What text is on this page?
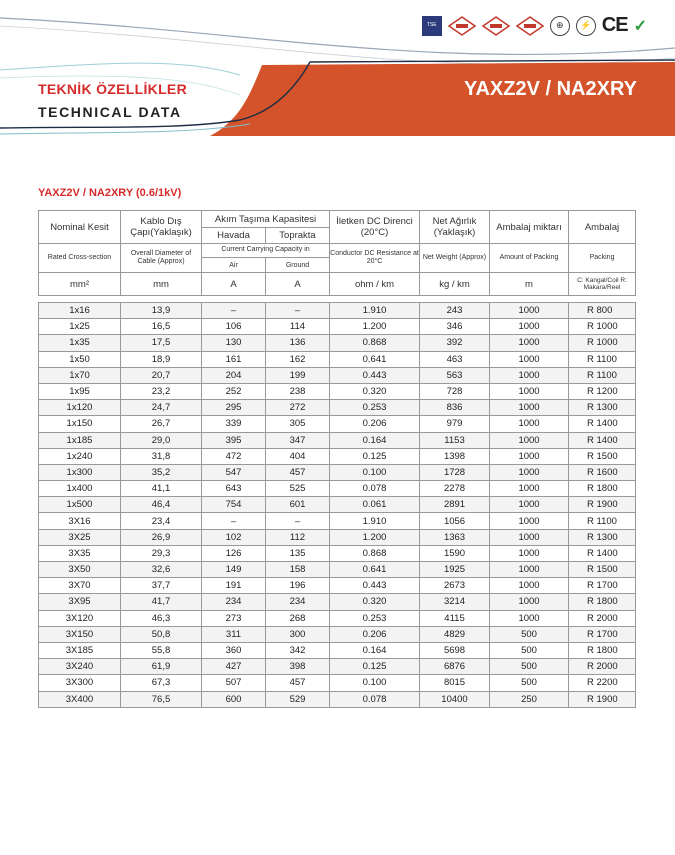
TSE	⊕	⚡ CE ✓
TEKNİK ÖZELLİKLER
TECHNICAL DATA
YAXZ2V / NA2XRY
YAXZ2V / NA2XRY (0.6/1kV)
Nominal Kesit	Kablo Dış Çapı(Yaklaşık)	Akım Taşıma Kapasitesi		İletken DC Direnci (20°C)	Net Ağırlık (Yaklaşık)	Ambalaj miktarı	Ambalaj
		Havada	Toprakta				
Rated Cross-section	Overall Diameter of Cable (Approx)	Current Carrying Capacity in		Conductor DC Resistance at 20°C	Net Weight (Approx)	Amount of Packing	Packing
		Air	Ground				
mm²	mm	A	A	ohm / km	kg / km	m	C: Kangal/Coil R: Makara/Reel

1x16	13,9	–	–	1.910	243	1000	R 800
1x25	16,5	106	114	1.200	346	1000	R 1000
1x35	17,5	130	136	0.868	392	1000	R 1000
1x50	18,9	161	162	0.641	463	1000	R 1100
1x70	20,7	204	199	0.443	563	1000	R 1100
1x95	23,2	252	238	0.320	728	1000	R 1200
1x120	24,7	295	272	0.253	836	1000	R 1300
1x150	26,7	339	305	0.206	979	1000	R 1400
1x185	29,0	395	347	0.164	1153	1000	R 1400
1x240	31,8	472	404	0.125	1398	1000	R 1500
1x300	35,2	547	457	0.100	1728	1000	R 1600
1x400	41,1	643	525	0.078	2278	1000	R 1800
1x500	46,4	754	601	0.061	2891	1000	R 1900
3X16	23,4	–	–	1.910	1056	1000	R 1100
3X25	26,9	102	112	1.200	1363	1000	R 1300
3X35	29,3	126	135	0.868	1590	1000	R 1400
3X50	32,6	149	158	0.641	1925	1000	R 1500
3X70	37,7	191	196	0.443	2673	1000	R 1700
3X95	41,7	234	234	0.320	3214	1000	R 1800
3X120	46,3	273	268	0.253	4115	1000	R 2000
3X150	50,8	311	300	0.206	4829	500	R 1700
3X185	55,8	360	342	0.164	5698	500	R 1800
3X240	61,9	427	398	0.125	6876	500	R 2000
3X300	67,3	507	457	0.100	8015	500	R 2200
3X400	76,5	600	529	0.078	10400	250	R 1900
